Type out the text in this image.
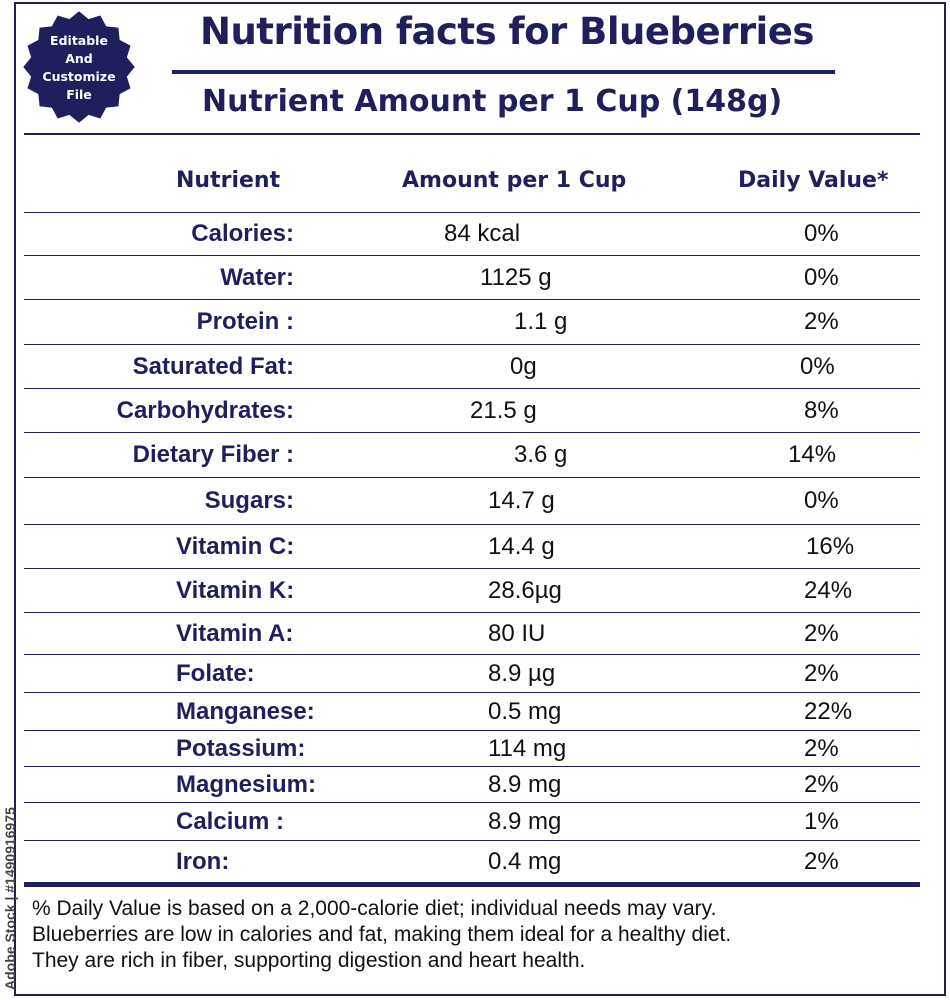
Editable
And
Customize
File
Nutrition facts for Blueberries
Nutrient Amount per 1 Cup (148g)
Nutrient	Amount per 1 Cup	Daily Value*
Calories:	84 kcal	0%
Water:	1125 g	0%
Protein :	1.1 g	2%
Saturated Fat:	0g	0%
Carbohydrates:	21.5 g	8%
Dietary Fiber :	3.6 g	14%
Sugars:	14.7 g	0%
Vitamin C:	14.4 g	16%
Vitamin K:	28.6µg	24%
Vitamin A:	80 IU	2%
Folate:	8.9 µg	2%
Manganese:	0.5 mg	22%
Potassium:	114 mg	2%
Magnesium:	8.9 mg	2%
Calcium :	8.9 mg	1%
Iron:	0.4 mg	2%

% Daily Value is based on a 2,000-calorie diet; individual needs may vary.

Blueberries are low in calories and fat, making them ideal for a healthy diet.

They are rich in fiber, supporting digestion and heart health.

Adobe Stock | #1490916975
